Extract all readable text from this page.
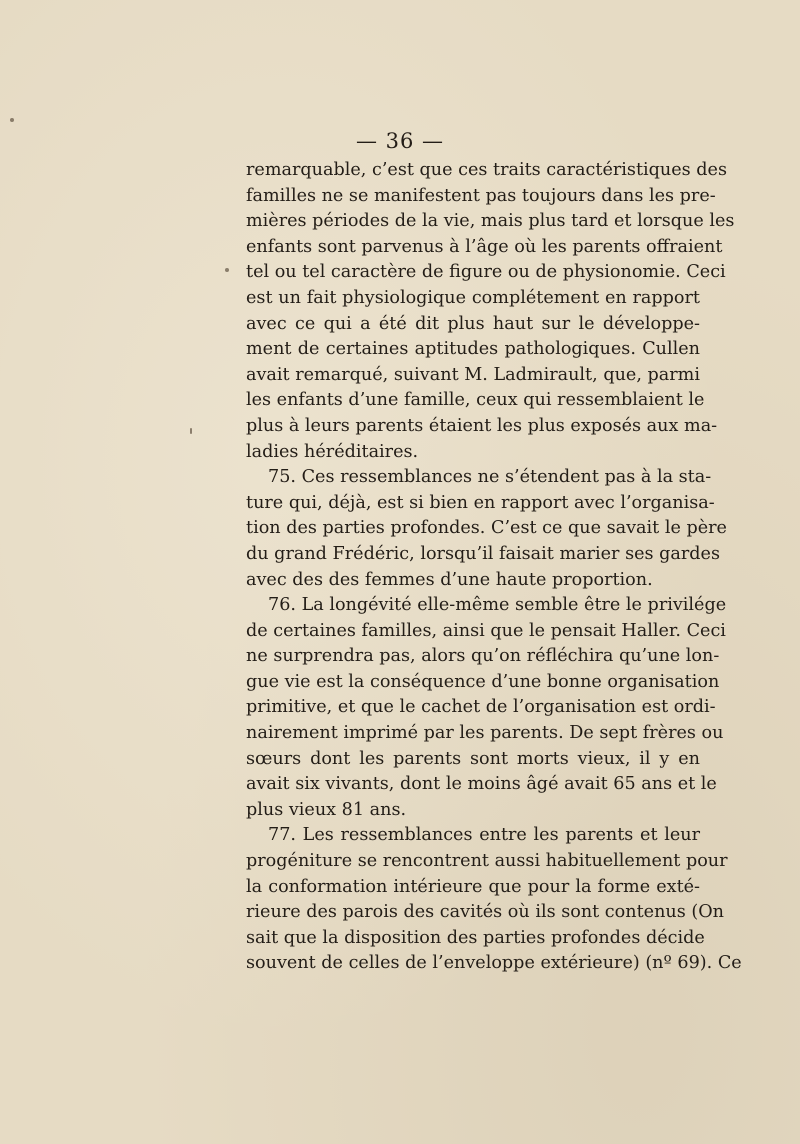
— 36 —
remarquable, c’est que ces traits caractéristiques des
familles ne se manifestent pas toujours dans les pre-
mières périodes de la vie, mais plus tard et lorsque les
enfants sont parvenus à l’âge où les parents offraient
tel ou tel caractère de figure ou de physionomie. Ceci
est un fait physiologique complétement en rapport
avec ce qui a été dit plus haut sur le développe-
ment de certaines aptitudes pathologiques. Cullen
avait remarqué, suivant M. Ladmirault, que, parmi
les enfants d’une famille, ceux qui ressemblaient le
plus à leurs parents étaient les plus exposés aux ma-
ladies héréditaires.
75. Ces ressemblances ne s’étendent pas à la sta-
ture qui, déjà, est si bien en rapport avec l’organisa-
tion des parties profondes. C’est ce que savait le père
du grand Frédéric, lorsqu’il faisait marier ses gardes
avec des des femmes d’une haute proportion.
76. La longévité elle-même semble être le privilége
de certaines familles, ainsi que le pensait Haller. Ceci
ne surprendra pas, alors qu’on réfléchira qu’une lon-
gue vie est la conséquence d’une bonne organisation
primitive, et que le cachet de l’organisation est ordi-
nairement imprimé par les parents. De sept frères ou
sœurs dont les parents sont morts vieux, il y en
avait six vivants, dont le moins âgé avait 65 ans et le
plus vieux 81 ans.
77. Les ressemblances entre les parents et leur
progéniture se rencontrent aussi habituellement pour
la conformation intérieure que pour la forme exté-
rieure des parois des cavités où ils sont contenus (On
sait que la disposition des parties profondes décide
souvent de celles de l’enveloppe extérieure) (nº 69). Ce
